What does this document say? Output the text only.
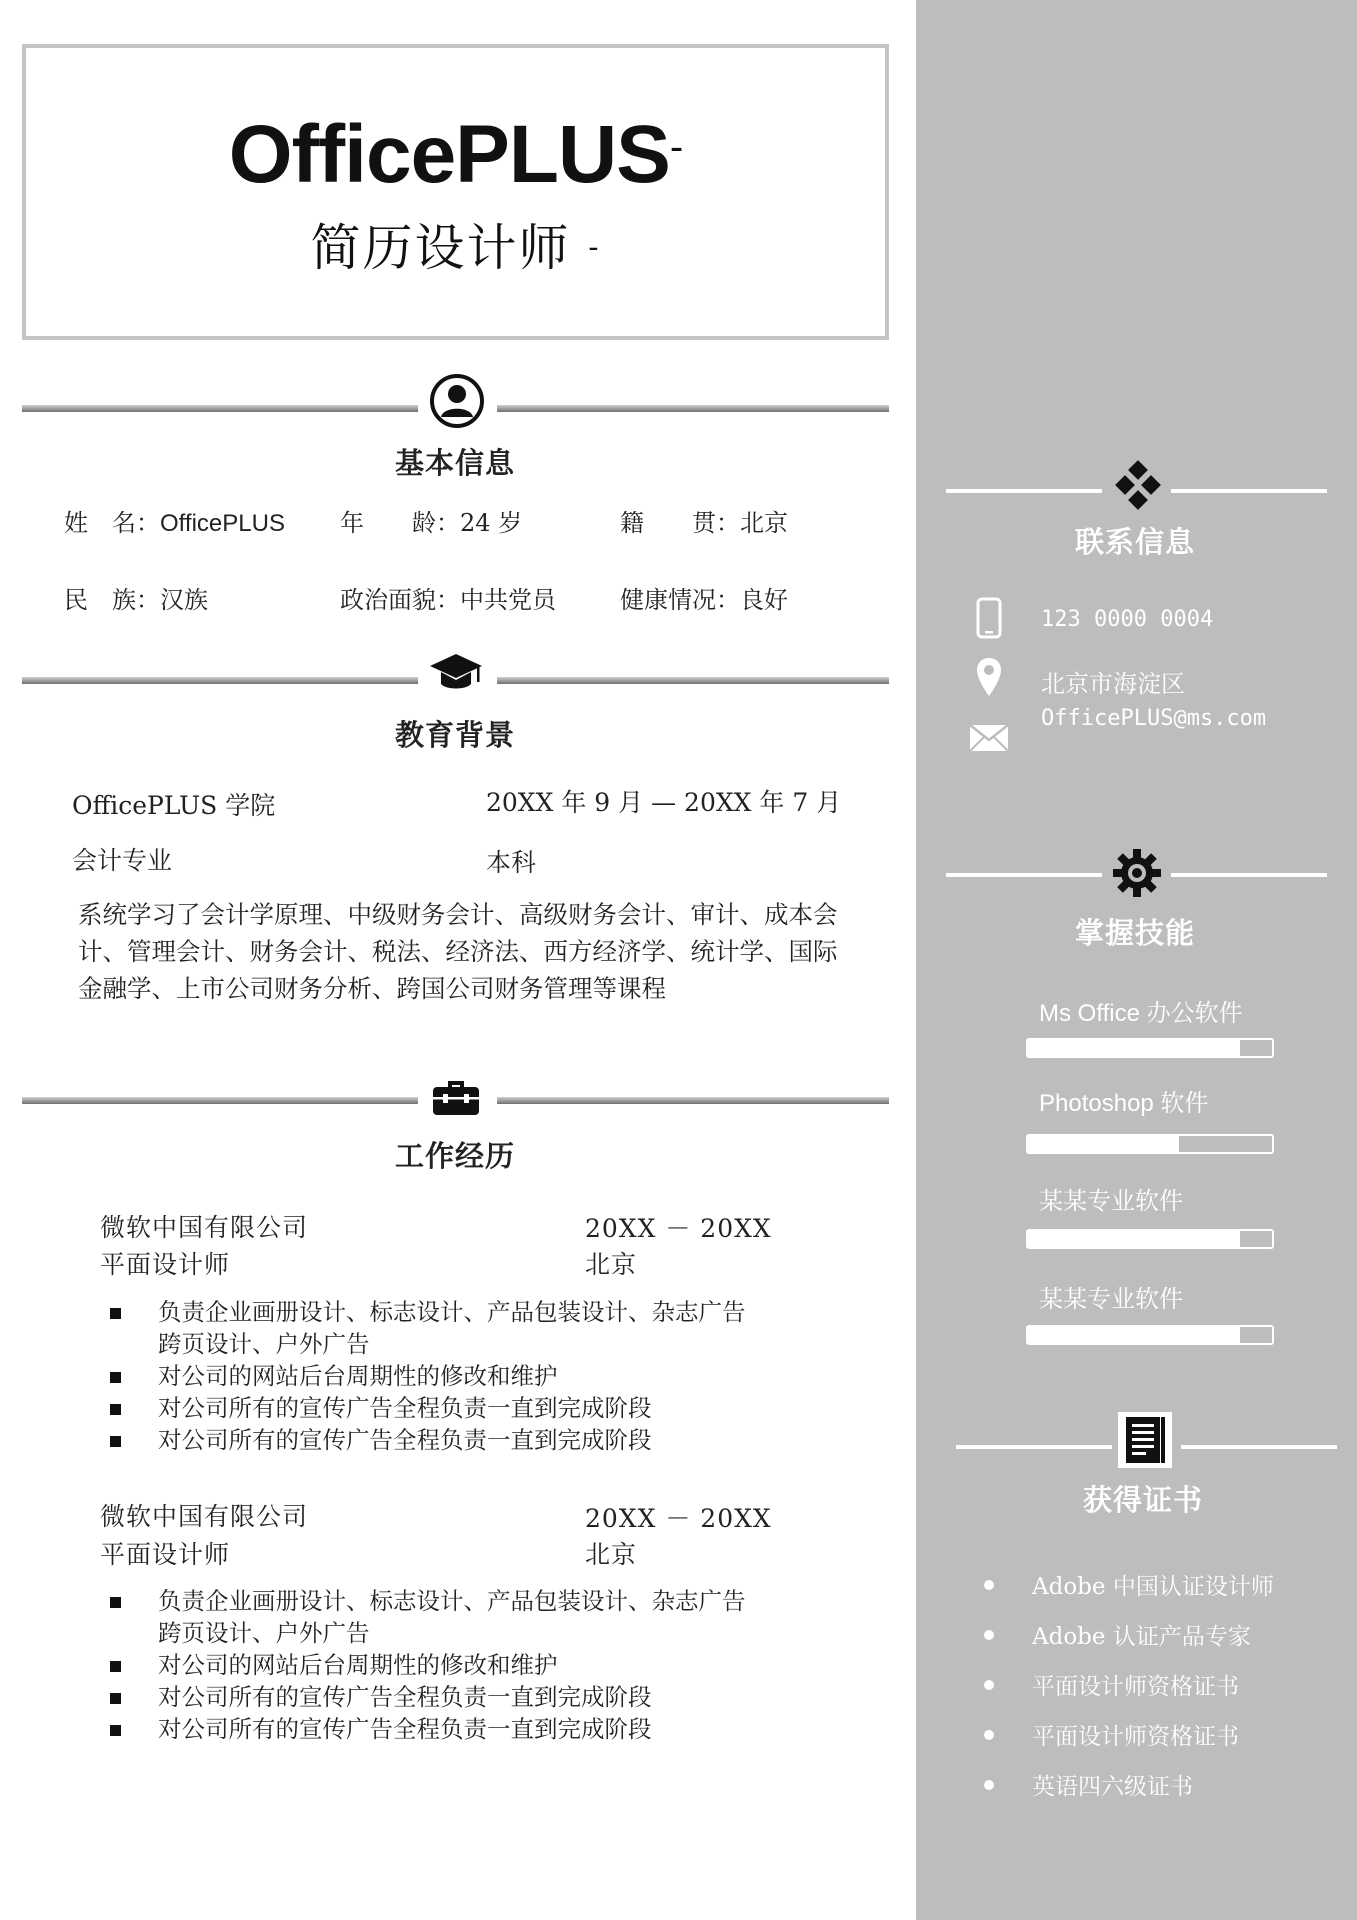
OfficePLUS-
简历设计师 -
基本信息
姓　名：OfficePLUS 年　　龄：24 岁	籍　　贯：北京
民　族：汉族	政治面貌：中共党员	健康情况：良好
教育背景
OfficePLUS 学院	20XX 年 9 月 — 20XX 年 7 月
会计专业	本科
系统学习了会计学原理、中级财务会计、高级财务会计、审计、成本会计、管理会计、财务会计、税法、经济法、西方经济学、统计学、国际金融学、上市公司财务分析、跨国公司财务管理等课程
工作经历
微软中国有限公司	20XX － 20XX
平面设计师	北京
负责企业画册设计、标志设计、产品包装设计、杂志广告跨页设计、户外广告
对公司的网站后台周期性的修改和维护
对公司所有的宣传广告全程负责一直到完成阶段
对公司所有的宣传广告全程负责一直到完成阶段
微软中国有限公司	20XX － 20XX
平面设计师	北京
负责企业画册设计、标志设计、产品包装设计、杂志广告跨页设计、户外广告
对公司的网站后台周期性的修改和维护
对公司所有的宣传广告全程负责一直到完成阶段
对公司所有的宣传广告全程负责一直到完成阶段
联系信息
123 0000 0004
北京市海淀区
OfficePLUS@ms.com
掌握技能
Ms Office 办公软件
Photoshop 软件
某某专业软件
某某专业软件
获得证书
Adobe 中国认证设计师
Adobe 认证产品专家
平面设计师资格证书
平面设计师资格证书
英语四六级证书
